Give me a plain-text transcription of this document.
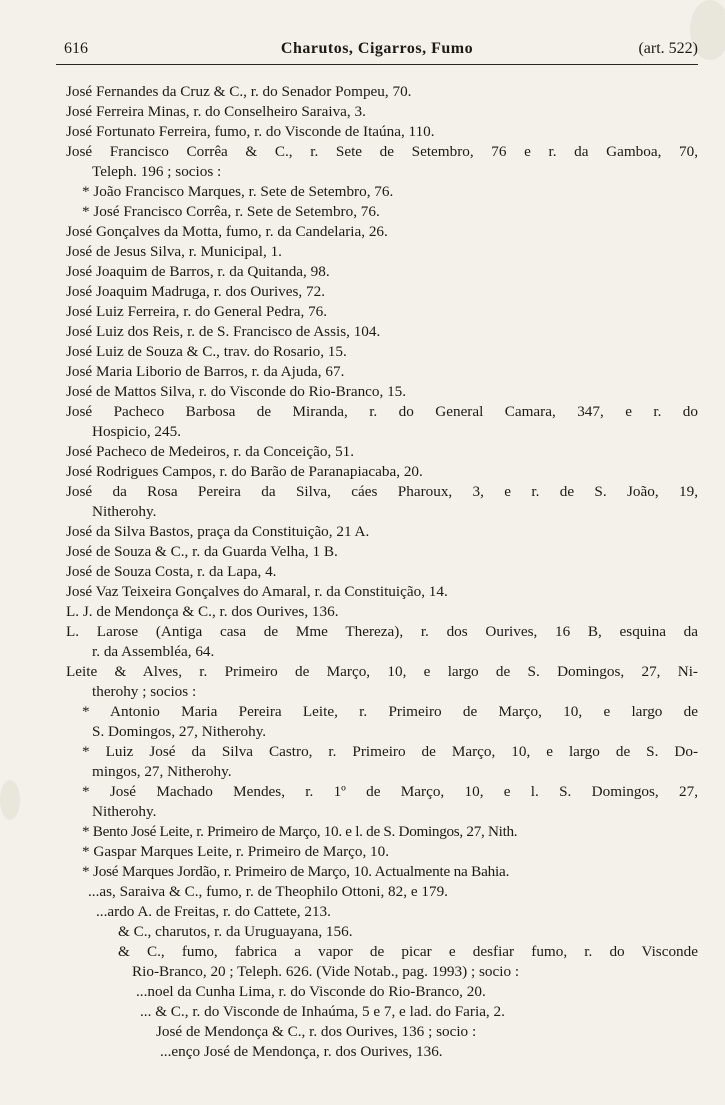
616	Charutos, Cigarros, Fumo	(art. 522)
José Fernandes da Cruz & C., r. do Senador Pompeu, 70.
José Ferreira Minas, r. do Conselheiro Saraiva, 3.
José Fortunato Ferreira, fumo, r. do Visconde de Itaúna, 110.
José Francisco Corrêa & C., r. Sete de Setembro, 76 e r. da Gamboa, 70,
Teleph. 196 ; socios :
* João Francisco Marques, r. Sete de Setembro, 76.
* José Francisco Corrêa, r. Sete de Setembro, 76.
José Gonçalves da Motta, fumo, r. da Candelaria, 26.
José de Jesus Silva, r. Municipal, 1.
José Joaquim de Barros, r. da Quitanda, 98.
José Joaquim Madruga, r. dos Ourives, 72.
José Luiz Ferreira, r. do General Pedra, 76.
José Luiz dos Reis, r. de S. Francisco de Assis, 104.
José Luiz de Souza & C., trav. do Rosario, 15.
José Maria Liborio de Barros, r. da Ajuda, 67.
José de Mattos Silva, r. do Visconde do Rio-Branco, 15.
José Pacheco Barbosa de Miranda, r. do General Camara, 347, e r. do
Hospicio, 245.
José Pacheco de Medeiros, r. da Conceição, 51.
José Rodrigues Campos, r. do Barão de Paranapiacaba, 20.
José da Rosa Pereira da Silva, cáes Pharoux, 3, e r. de S. João, 19,
Nitherohy.
José da Silva Bastos, praça da Constituição, 21 A.
José de Souza & C., r. da Guarda Velha, 1 B.
José de Souza Costa, r. da Lapa, 4.
José Vaz Teixeira Gonçalves do Amaral, r. da Constituição, 14.
L. J. de Mendonça & C., r. dos Ourives, 136.
L. Larose (Antiga casa de Mme Thereza), r. dos Ourives, 16 B, esquina da
r. da Assembléa, 64.
Leite & Alves, r. Primeiro de Março, 10, e largo de S. Domingos, 27, Ni-
therohy ; socios :
* Antonio Maria Pereira Leite, r. Primeiro de Março, 10, e largo de
S. Domingos, 27, Nitherohy.
* Luiz José da Silva Castro, r. Primeiro de Março, 10, e largo de S. Do-
mingos, 27, Nitherohy.
* José Machado Mendes, r. 1º de Março, 10, e l. S. Domingos, 27,
Nitherohy.
* Bento José Leite, r. Primeiro de Março, 10. e l. de S. Domingos, 27, Nith.
* Gaspar Marques Leite, r. Primeiro de Março, 10.
* José Marques Jordão, r. Primeiro de Março, 10. Actualmente na Bahia.
...as, Saraiva & C., fumo, r. de Theophilo Ottoni, 82, e 179.
...ardo A. de Freitas, r. do Cattete, 213.
& C., charutos, r. da Uruguayana, 156.
& C., fumo, fabrica a vapor de picar e desfiar fumo, r. do Visconde
Rio-Branco, 20 ; Teleph. 626. (Vide Notab., pag. 1993) ; socio :
...noel da Cunha Lima, r. do Visconde do Rio-Branco, 20.
... & C., r. do Visconde de Inhaúma, 5 e 7, e lad. do Faria, 2.
José de Mendonça & C., r. dos Ourives, 136 ; socio :
...enço José de Mendonça, r. dos Ourives, 136.
